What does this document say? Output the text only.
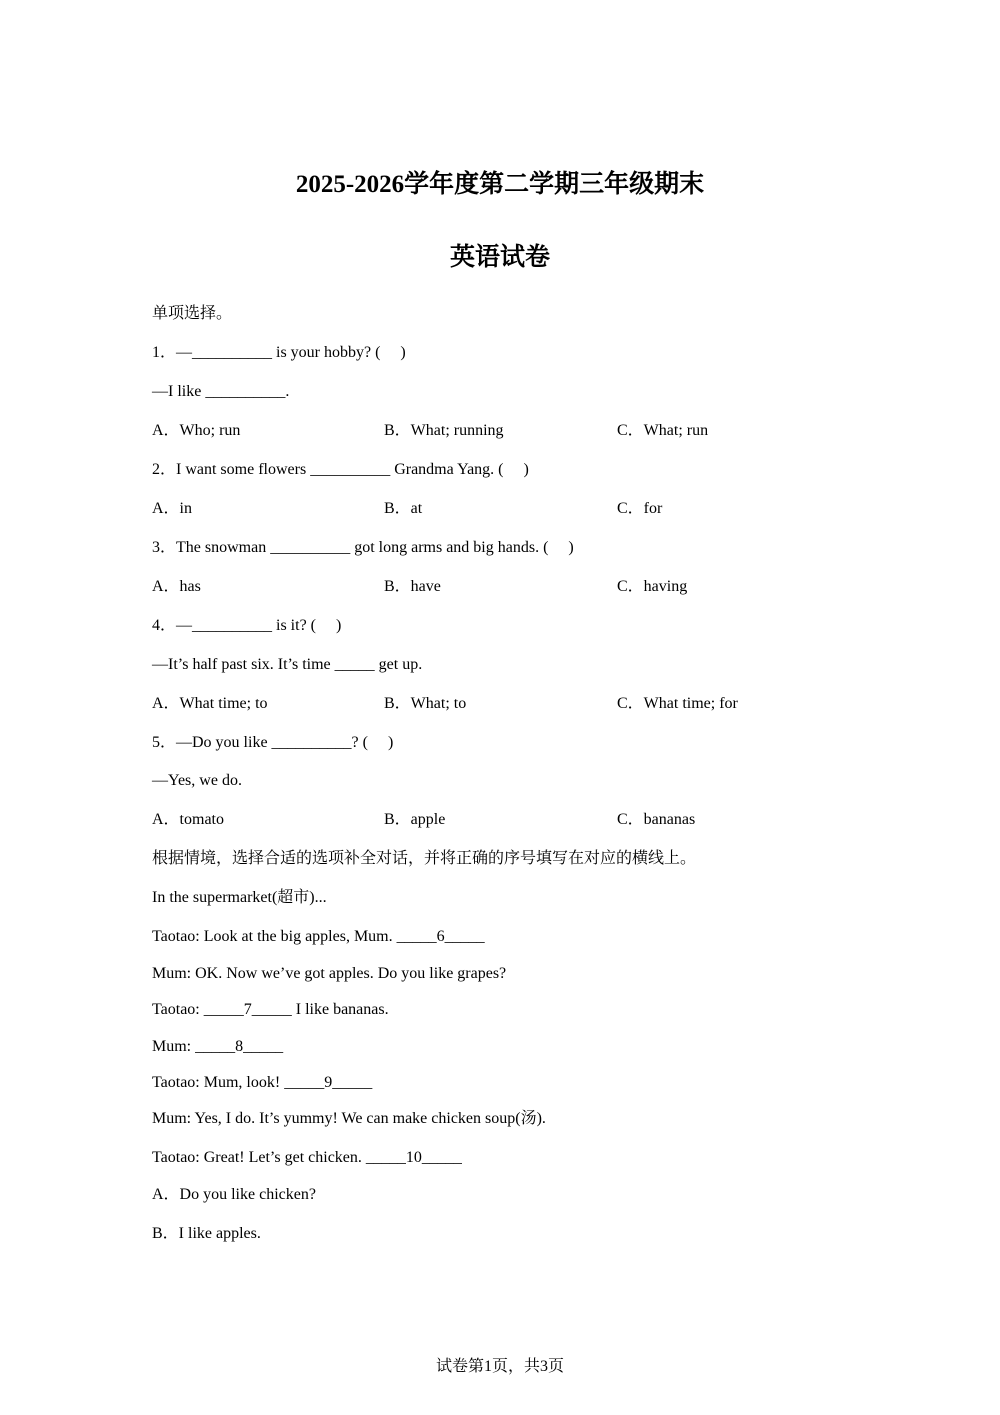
2025-2026学年度第二学期三年级期末
英语试卷

单项选择。

1．—__________ is your hobby? (     )

—I like __________.

A．Who; run	B．What; running	C．What; run

2．I want some flowers __________ Grandma Yang. (     )

A．in	B．at	C．for

3．The snowman __________ got long arms and big hands. (     )

A．has	B．have	C．having

4．—__________ is it? (     )

—It’s half past six. It’s time _____ get up.

A．What time; to	B．What; to	C．What time; for

5．—Do you like __________? (     )

—Yes, we do.

A．tomato	B．apple	C．bananas

根据情境，选择合适的选项补全对话，并将正确的序号填写在对应的横线上。

In the supermarket(超市)...

Taotao: Look at the big apples, Mum. _____6_____

Mum: OK. Now we’ve got apples. Do you like grapes?

Taotao: _____7_____ I like bananas.

Mum: _____8_____

Taotao: Mum, look! _____9_____

Mum: Yes, I do. It’s yummy! We can make chicken soup(汤).

Taotao: Great! Let’s get chicken. _____10_____

A．Do you like chicken?

B．I like apples.

试卷第1页，共3页
